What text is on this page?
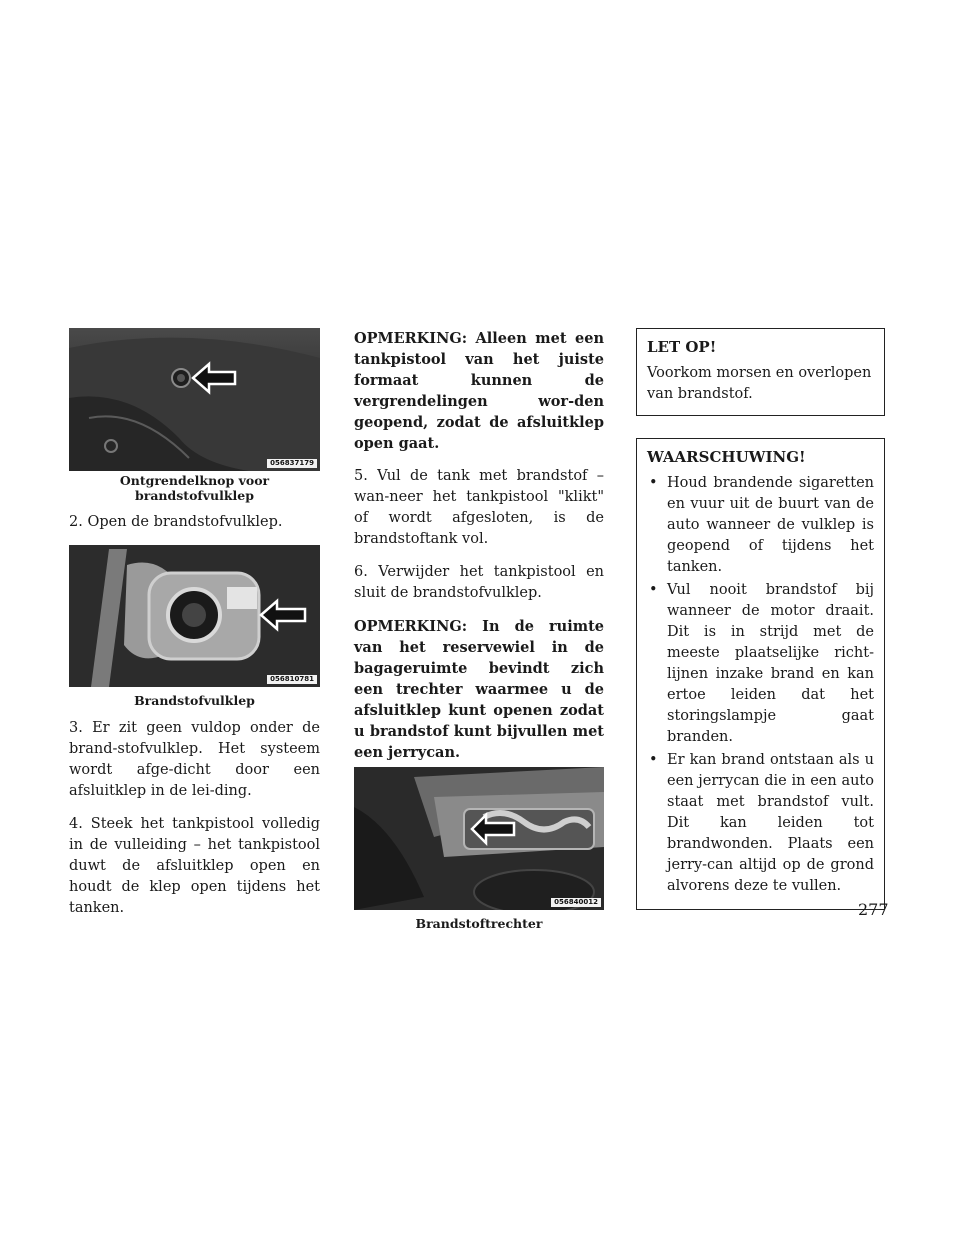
056837179
Ontgrendelknop voor
brandstofvulklep

2. Open de brandstofvulklep.

056810781
Brandstofvulklep

3. Er zit geen vuldop onder de brand-stofvulklep. Het systeem wordt afge-dicht door een afsluitklep in de lei-ding.

4. Steek het tankpistool volledig in de vulleiding – het tankpistool duwt de afsluitklep open en houdt de klep open tijdens het tanken.

OPMERKING: Alleen met een tankpistool van het juiste formaat kunnen de vergrendelingen wor-den geopend, zodat de afsluitklep open gaat.

5. Vul de tank met brandstof – wan-neer het tankpistool "klikt" of wordt afgesloten, is de brandstoftank vol.

6. Verwijder het tankpistool en sluit de brandstofvulklep.

OPMERKING: In de ruimte van het reservewiel in de bagageruimte bevindt zich een trechter waarmee u de afsluitklep kunt openen zodat u brandstof kunt bijvullen met een jerrycan.

056840012
Brandstoftrechter
LET OP!
Voorkom morsen en overlopen van brandstof.
WAARSCHUWING!
• Houd brandende sigaretten en vuur uit de buurt van de auto wanneer de vulklep is geopend of tijdens het tanken.
• Vul nooit brandstof bij wanneer de motor draait. Dit is in strijd met de meeste plaatselijke richt-lijnen inzake brand en kan ertoe leiden dat het storingslampje gaat branden.
• Er kan brand ontstaan als u een jerrycan die in een auto staat met brandstof vult. Dit kan leiden tot brandwonden. Plaats een jerry-can altijd op de grond alvorens deze te vullen.
277
